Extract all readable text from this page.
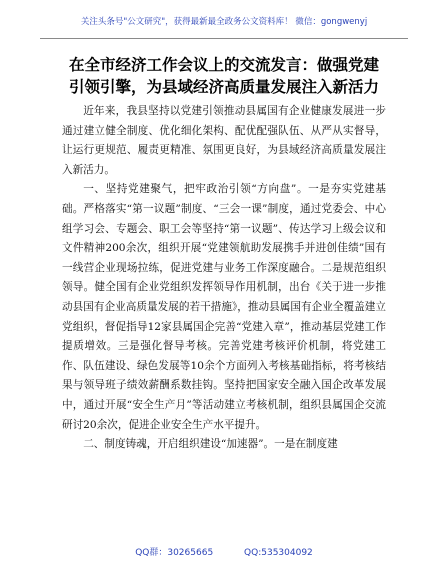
关注头条号"公文研究"，获得最新最全政务公文资料库！ 微信：gongwenyj
在全市经济工作会议上的交流发言：做强党建
引领引擎，为县域经济高质量发展注入新活力

近年来，我县坚持以党建引领推动县属国有企业健康发展进一步通过建立健全制度、优化细化架构、配优配强队伍、从严从实督导，让运行更规范、履责更精准、氛围更良好，为县域经济高质量发展注入新活力。

一、坚持党建聚气，把牢政治引领“方向盘”。一是夯实党建基础。严格落实“第一议题”制度、“三会一课”制度，通过党委会、中心组学习会、专题会、职工会等坚持“第一议题”、传达学习上级会议和文件精神200余次，组织开展“党建领航助发展携手并进创佳绩”国有一线营企业现场拉练，促进党建与业务工作深度融合。二是规范组织领导。健全国有企业党组织发挥领导作用机制，出台《关于进一步推动县国有企业高质量发展的若干措施》，推动县属国有企业全覆盖建立党组织，督促指导12家县属国企完善“党建入章”，推动基层党建工作提质增效。三是强化督导考核。完善党建考核评价机制，将党建工作、队伍建设、绿色发展等10余个方面列入考核基础指标，将考核结果与领导班子绩效薪酬系数挂钩。坚持把国家安全融入国企改革发展中，通过开展“安全生产月”等活动建立考核机制，组织县属国企交流研讨20余次，促进企业安全生产水平提升。

二、制度铸魂，开启组织建设“加速器”。一是在制度建

QQ群：30265665	QQ:535304092
